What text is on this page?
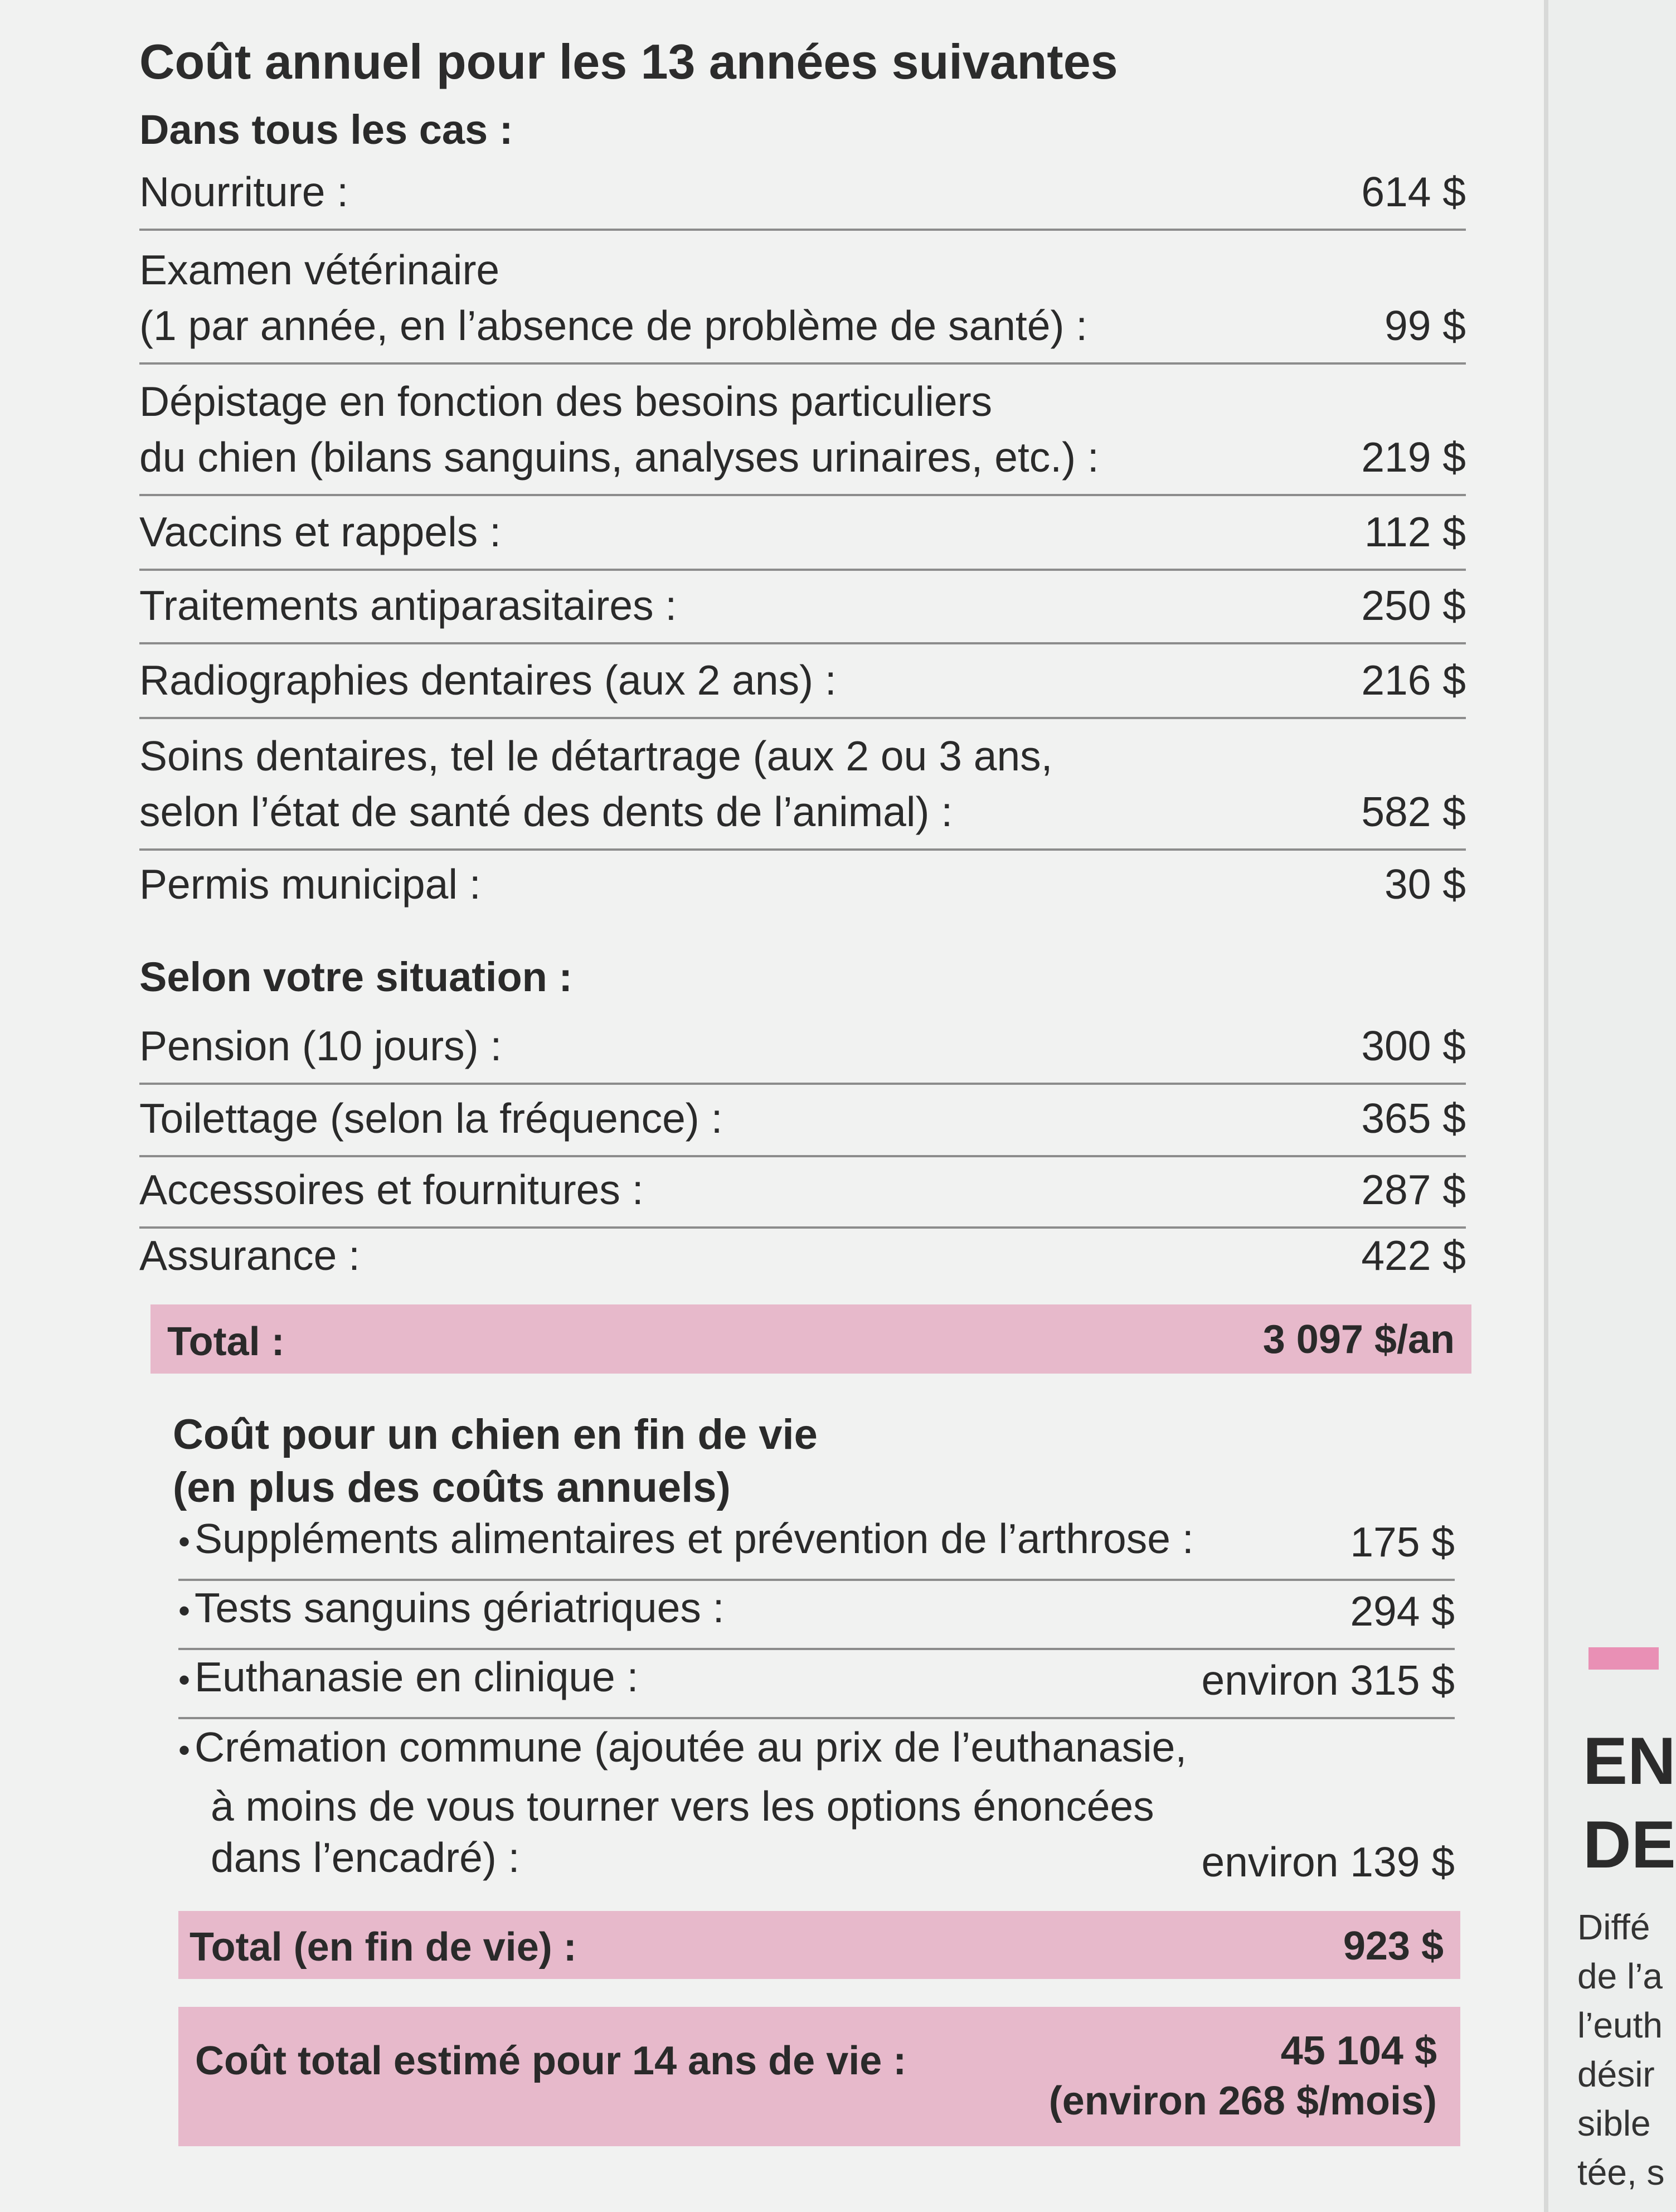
Coût annuel pour les 13 années suivantes
Dans tous les cas :
Nourriture :	614 $
Examen vétérinaire
(1 par année, en l’absence de problème de santé) :	99 $
Dépistage en fonction des besoins particuliers
du chien (bilans sanguins, analyses urinaires, etc.) :	219 $
Vaccins et rappels :	112 $
Traitements antiparasitaires :	250 $
Radiographies dentaires (aux 2 ans) :	216 $
Soins dentaires, tel le détartrage (aux 2 ou 3 ans,
selon l’état de santé des dents de l’animal) :	582 $
Permis municipal :	30 $
Selon votre situation :
Pension (10 jours) :	300 $
Toilettage (selon la fréquence) :	365 $
Accessoires et fournitures :	287 $
Assurance :	422 $
Total :	3 097 $/an
Coût pour un chien en fin de vie
(en plus des coûts annuels)
• Suppléments alimentaires et prévention de l’arthrose :	175 $
• Tests sanguins gériatriques :	294 $
• Euthanasie en clinique :	environ 315 $
• Crémation commune (ajoutée au prix de l’euthanasie,
à moins de vous tourner vers les options énoncées
dans l’encadré) :	environ 139 $
Total (en fin de vie) :	923 $
Coût total estimé pour 14 ans de vie :	45 104 $
(environ 268 $/mois)
EN
DE
Diffé
de l’a
l’euth
désir
sible
tée, s
